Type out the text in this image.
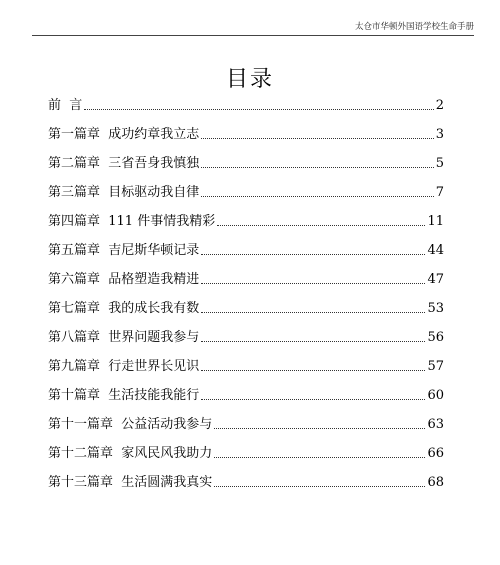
太仓市华顿外国语学校生命手册
目录
前  言	2
第一篇章  成功约章我立志	3
第二篇章  三省吾身我慎独	5
第三篇章  目标驱动我自律	7
第四篇章  111 件事情我精彩	11
第五篇章  吉尼斯华顿记录	44
第六篇章  品格塑造我精进	47
第七篇章  我的成长我有数	53
第八篇章  世界问题我参与	56
第九篇章  行走世界长见识	57
第十篇章  生活技能我能行	60
第十一篇章  公益活动我参与	63
第十二篇章  家风民风我助力	66
第十三篇章  生活圆满我真实	68
